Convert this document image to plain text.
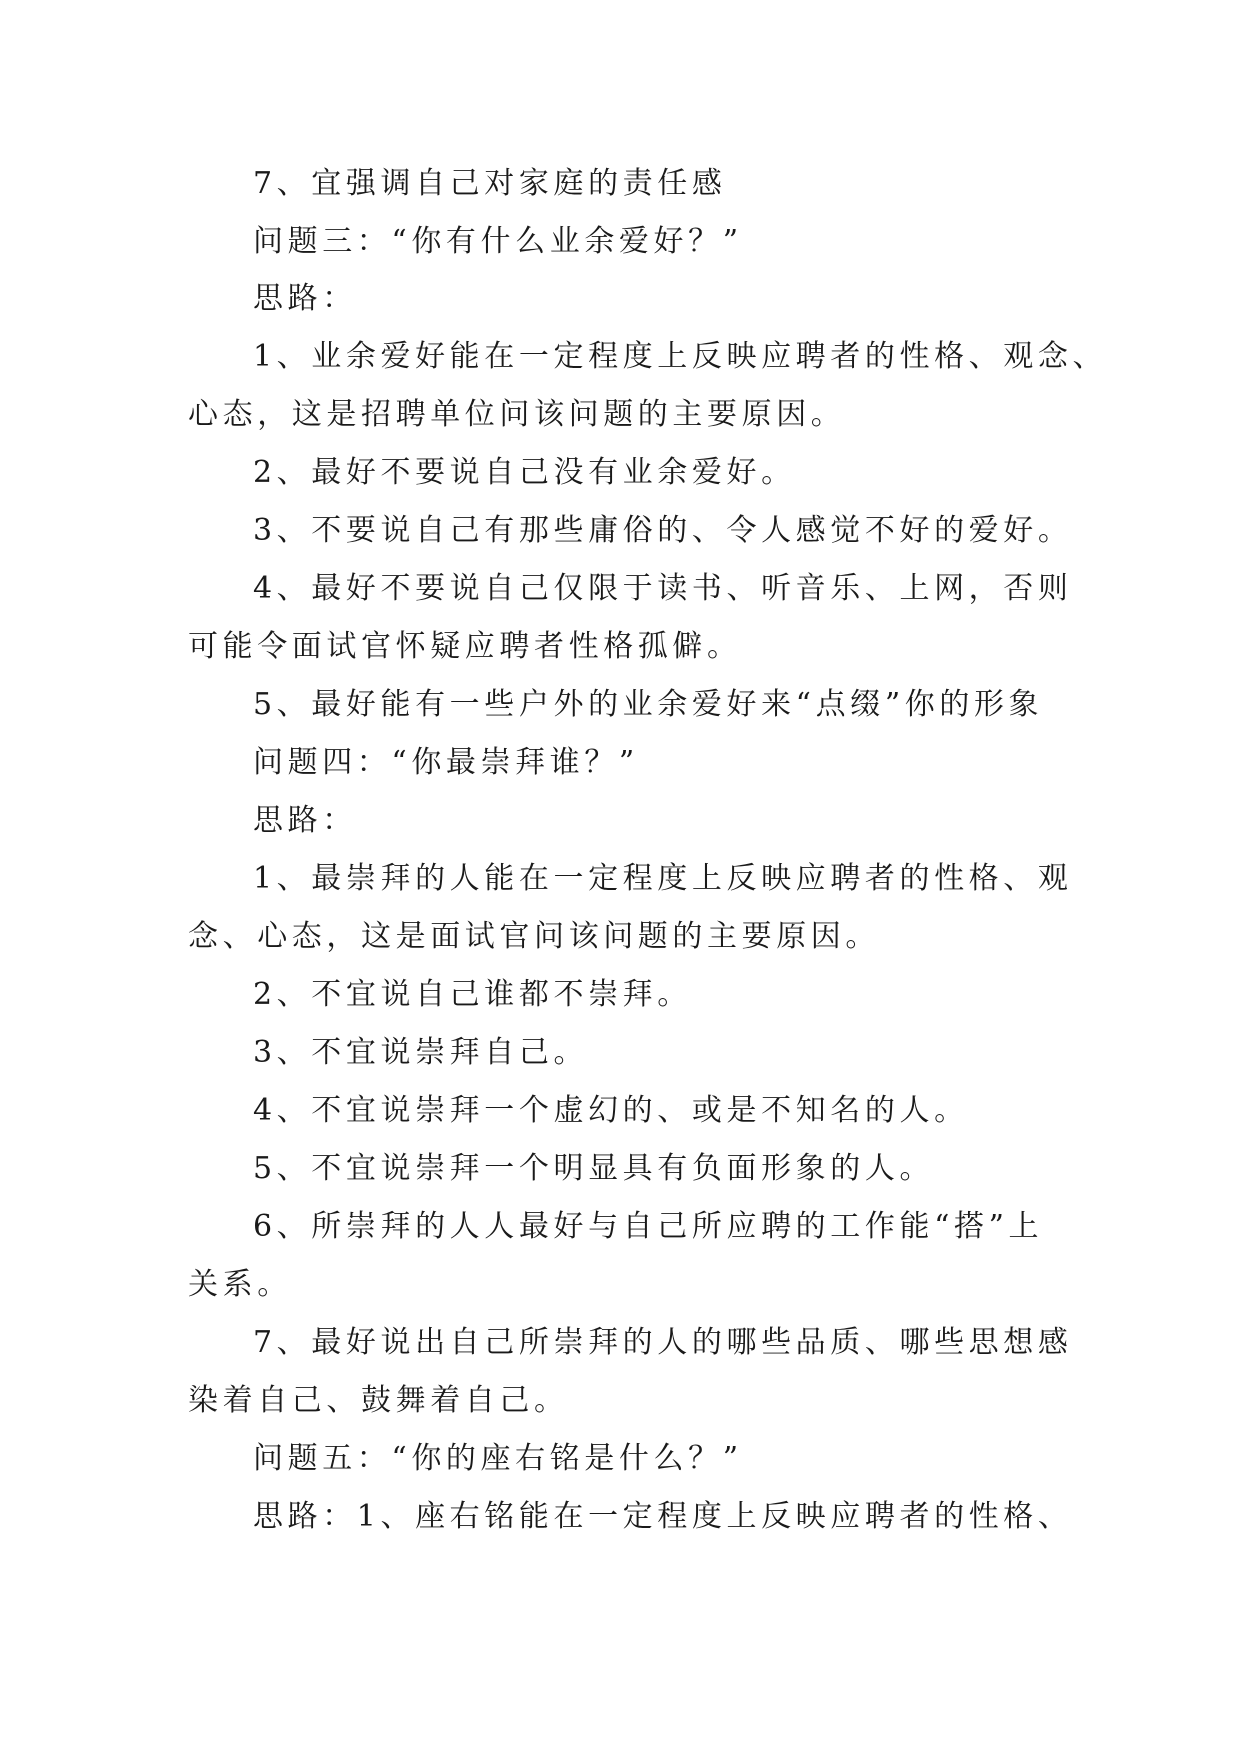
7、宜强调自己对家庭的责任感

问题三：“你有什么业余爱好？”

思路：

1、业余爱好能在一定程度上反映应聘者的性格、观念、

心态，这是招聘单位问该问题的主要原因。

2、最好不要说自己没有业余爱好。

3、不要说自己有那些庸俗的、令人感觉不好的爱好。

4、最好不要说自己仅限于读书、听音乐、上网，否则

可能令面试官怀疑应聘者性格孤僻。

5、最好能有一些户外的业余爱好来“点缀”你的形象

问题四：“你最崇拜谁？”

思路：

1、最崇拜的人能在一定程度上反映应聘者的性格、观

念、心态，这是面试官问该问题的主要原因。

2、不宜说自己谁都不崇拜。

3、不宜说崇拜自己。

4、不宜说崇拜一个虚幻的、或是不知名的人。

5、不宜说崇拜一个明显具有负面形象的人。

6、所崇拜的人人最好与自己所应聘的工作能“搭”上

关系。

7、最好说出自己所崇拜的人的哪些品质、哪些思想感

染着自己、鼓舞着自己。

问题五：“你的座右铭是什么？”

思路：1、座右铭能在一定程度上反映应聘者的性格、
